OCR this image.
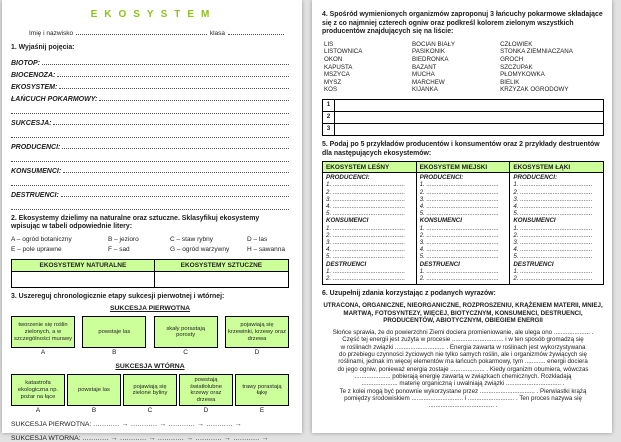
EKOSYSTEM
Imię i nazwisko	klasa
1. Wyjaśnij pojęcia:
BIOTOP:
BIOCENOZA:
EKOSYSTEM:
ŁAŃCUCH POKARMOWY:
SUKCESJA:
PRODUCENCI:
KONSUMENCI:
DESTRUENCI:
2. Ekosystemy dzielimy na naturalne oraz sztuczne. Sklasyfikuj ekosystemy wpisując w tabeli odpowiednie litery:
A – ogród botaniczny	B – jezioro	C – staw rybny	D – las
E – pole uprawne	F – sad	G – ogród warzywny	H – sawanna
EKOSYSTEMY NATURALNE	EKOSYSTEMY SZTUCZNE

3. Uszereguj chronologicznie etapy sukcesji pierwotnej i wtórnej:
SUKCESJA PIERWOTNA
tworzenie się roślin zielonych, a w szczególności murawy
A
powstaje las
B
skały porastają porosty
C
pojawiają się krzewinki, krzewy oraz drzewa
D
SUKCESJA WTÓRNA
katastrofa ekologiczna np. pożar na łące
A
powstaje las
B
pojawiają się zielone byliny
C
powstają światłolubne krzewy oraz drzewa
D
trawy porastają łąkę
E
SUKCESJA PIERWOTNA: ............ → ............ → ............ → ............ →
SUKCESJA WTÓRNA: ............ → ............ → ............ → ............ → ............ →
4. Spośród wymienionych organizmów zaproponuj 3 łańcuchy pokarmowe składające się z co najmniej czterech ogniw oraz podkreśl kolorem zielonym wszystkich producentów znajdujących się na liście:
LIS
LISTOWNICA
OKOŃ
KAPUSTA
MSZYCA
MYSZ
KOS
BOCIAN BIAŁY
PASIKONIK
BIEDRONKA
BAŻANT
MUCHA
MARCHEW
KIJANKA
CZŁOWIEK
STONKA ZIEMNIACZANA
GROCH
SZCZUPAK
PŁOMYKÓWKA
BIELIK
KRZYŻAK OGRODOWY
1
2
3
5. Podaj po 5 przykładów producentów i konsumentów oraz 2 przykłady destruentów dla następujących ekosystemów:
EKOSYSTEM LEŚNY
PRODUCENCI:
1. ..........................................
2. ..........................................
3. ..........................................
4. ..........................................
5. ..........................................
KONSUMENCI
1. ..........................................
2. ..........................................
3. ..........................................
4. ..........................................
5. ..........................................
DESTRUENCI
1. ..........................................
2. ..........................................
EKOSYSTEM MIEJSKI
PRODUCENCI:
1. ..........................................
2. ..........................................
3. ..........................................
4. ..........................................
5. ..........................................
KONSUMENCI
1. ..........................................
2. ..........................................
3. ..........................................
4. ..........................................
5. ..........................................
DESTRUENCI
1. ..........................................
2. ..........................................
EKOSYSTEM ŁĄKI
PRODUCENCI:
1. ..........................................
2. ..........................................
3. ..........................................
4. ..........................................
5. ..........................................
KONSUMENCI
1. ..........................................
2. ..........................................
3. ..........................................
4. ..........................................
5. ..........................................
DESTRUENCI
1. ..........................................
2. ..........................................
6. Uzupełnij zdania korzystając z podanych wyrazów:
UTRACONA, ORGANICZNE, NIEORGANICZNE, ROZPROSZENIU, KRĄŻENIEM MATERII, MNIEJ, MARTWĄ, FOTOSYNTEZY, WIĘCEJ, BIOTYCZNYM, KONSUMENCI, DESTRUENCI, PRODUCENTÓW, ABIOTYCZNYM, OBIEGIEM ENERGII
Słońce sprawia, że do powierzchni Ziemi dociera promieniowanie, ale ulega ono ..................... .
Część tej energii jest zużyta w procesie .............................. i w ten sposób gromadzą się
w roślinach związki ............................. . Energia zawarta w roślinach jest wykorzystywana
do przebiegu czynności życiowych nie tylko samych roślin, ale i organizmów żywiących się
roślinami, jednak im więcej elementów ma łańcuch pokarmowy, tym ............ energii dociera
do jego ogniw, ponieważ energia zostaje .................... . Kiedy organizm obumiera, wówczas
..................... pobierają energię zawartą w związkach chemicznych. Rozkładają
..................... materię organiczną i uwalniają związki ................................ .
Te z kolei mogą być ponownie wykorzystane przez ................................ . Pierwiastki krążą
pomiędzy środowiskiem .............................. i ........................... . Ten proces nazywa się
...................................... .
